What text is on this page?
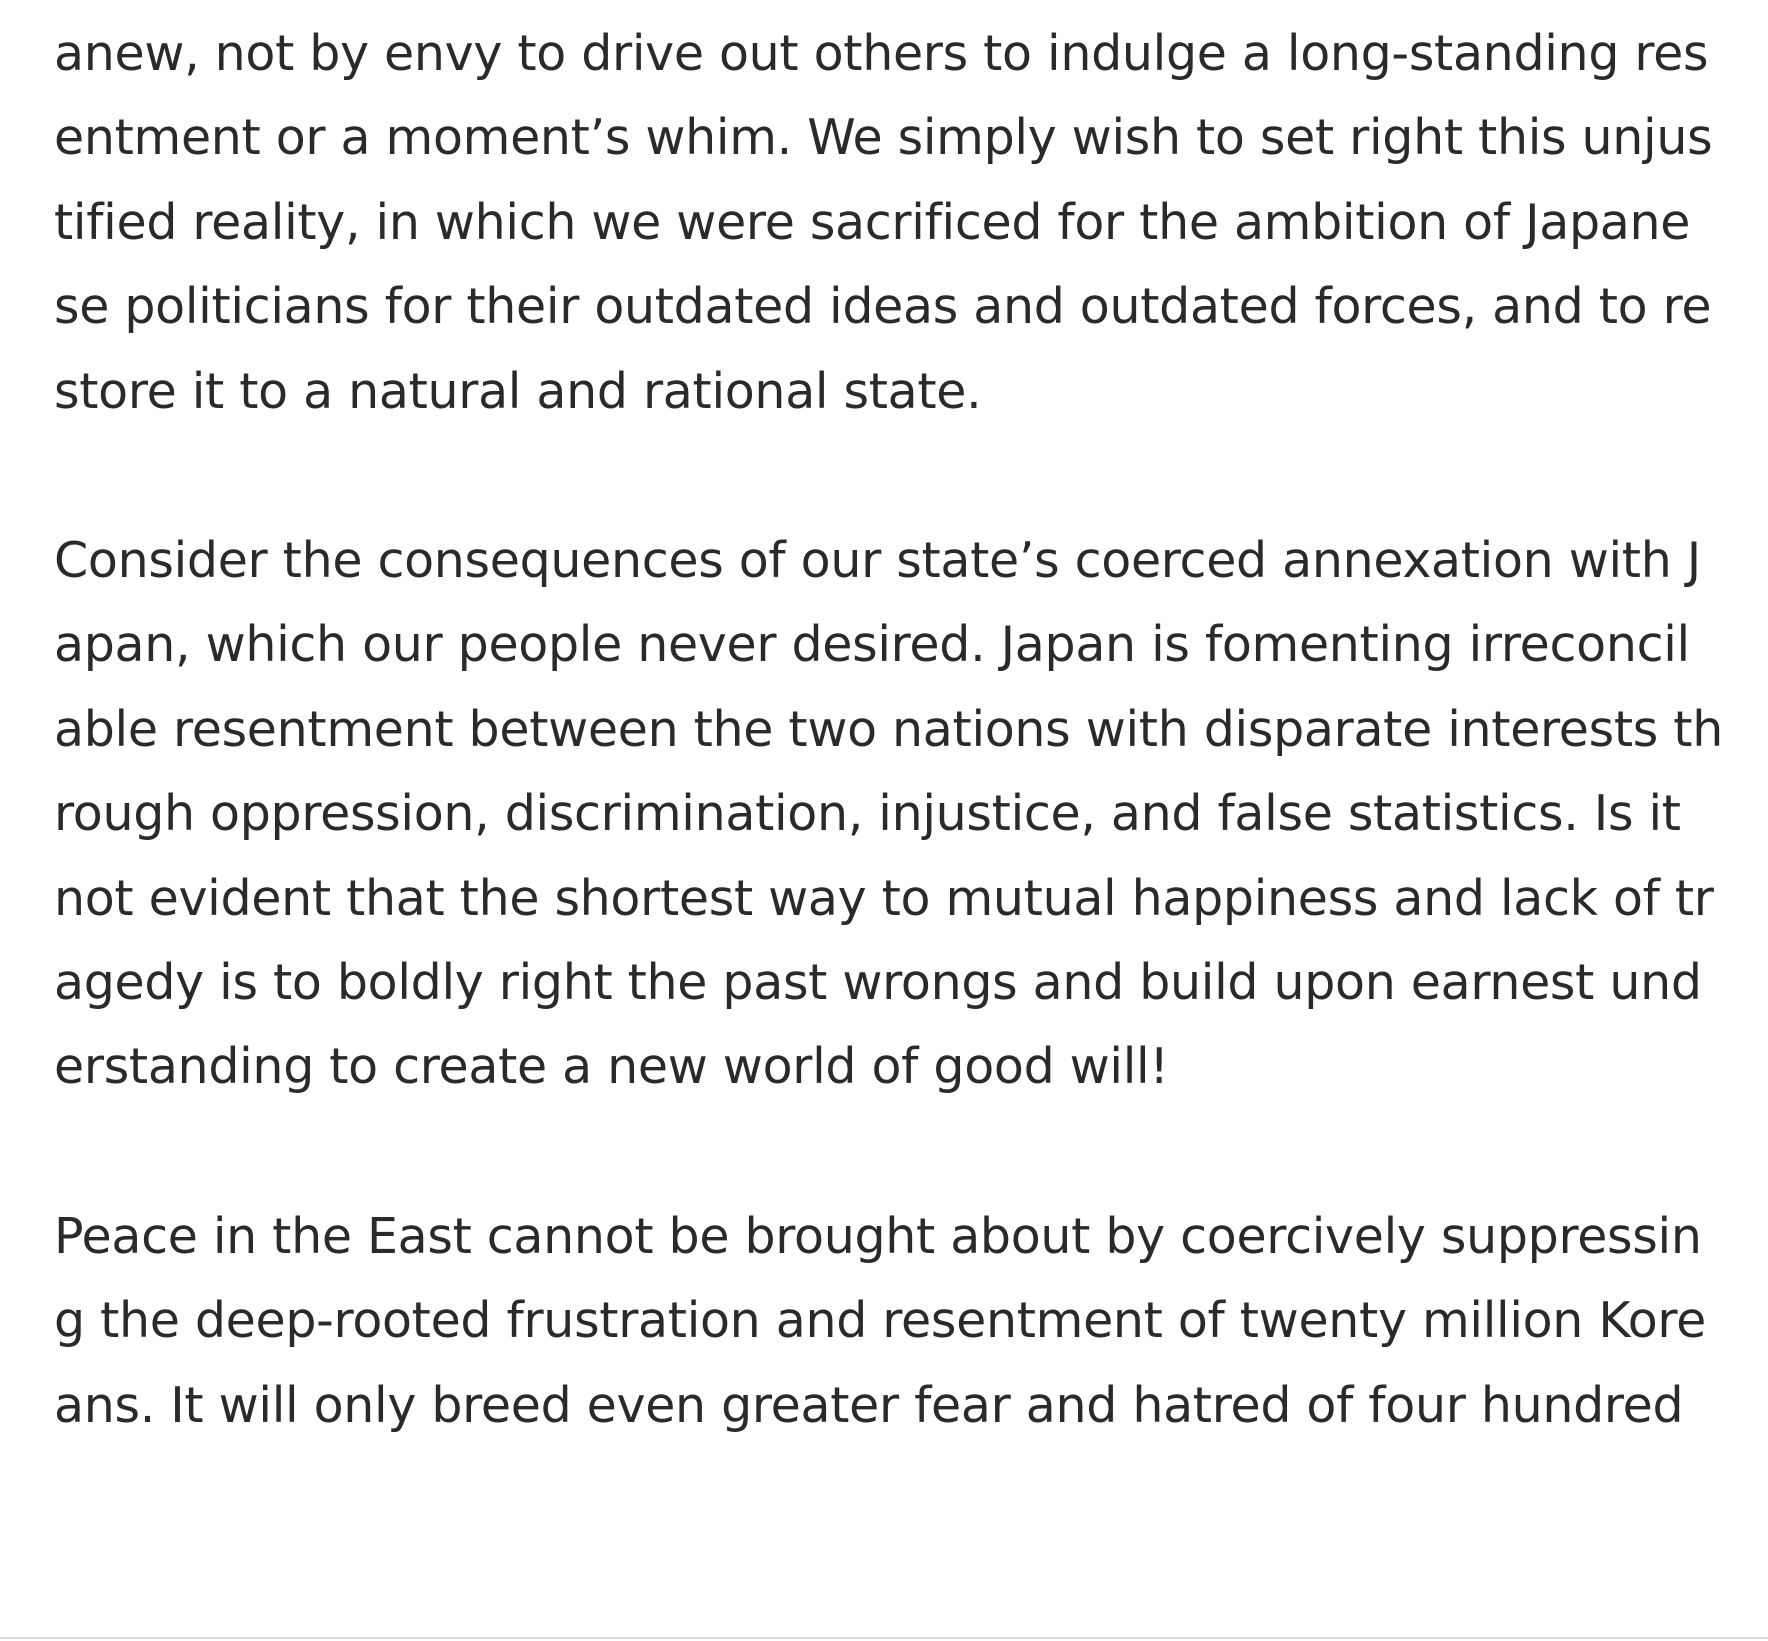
anew, not by envy to drive out others to indulge a long-standing res
entment or a moment’s whim. We simply wish to set right this unjus
tified reality, in which we were sacrificed for the ambition of Japane
se politicians for their outdated ideas and outdated forces, and to re
store it to a natural and rational state.
Consider the consequences of our state’s coerced annexation with J
apan, which our people never desired. Japan is fomenting irreconcil
able resentment between the two nations with disparate interests th
rough oppression, discrimination, injustice, and false statistics. Is it
not evident that the shortest way to mutual happiness and lack of tr
agedy is to boldly right the past wrongs and build upon earnest und
erstanding to create a new world of good will!
Peace in the East cannot be brought about by coercively suppressin
g the deep-rooted frustration and resentment of twenty million Kore
ans. It will only breed even greater fear and hatred of four hundred
